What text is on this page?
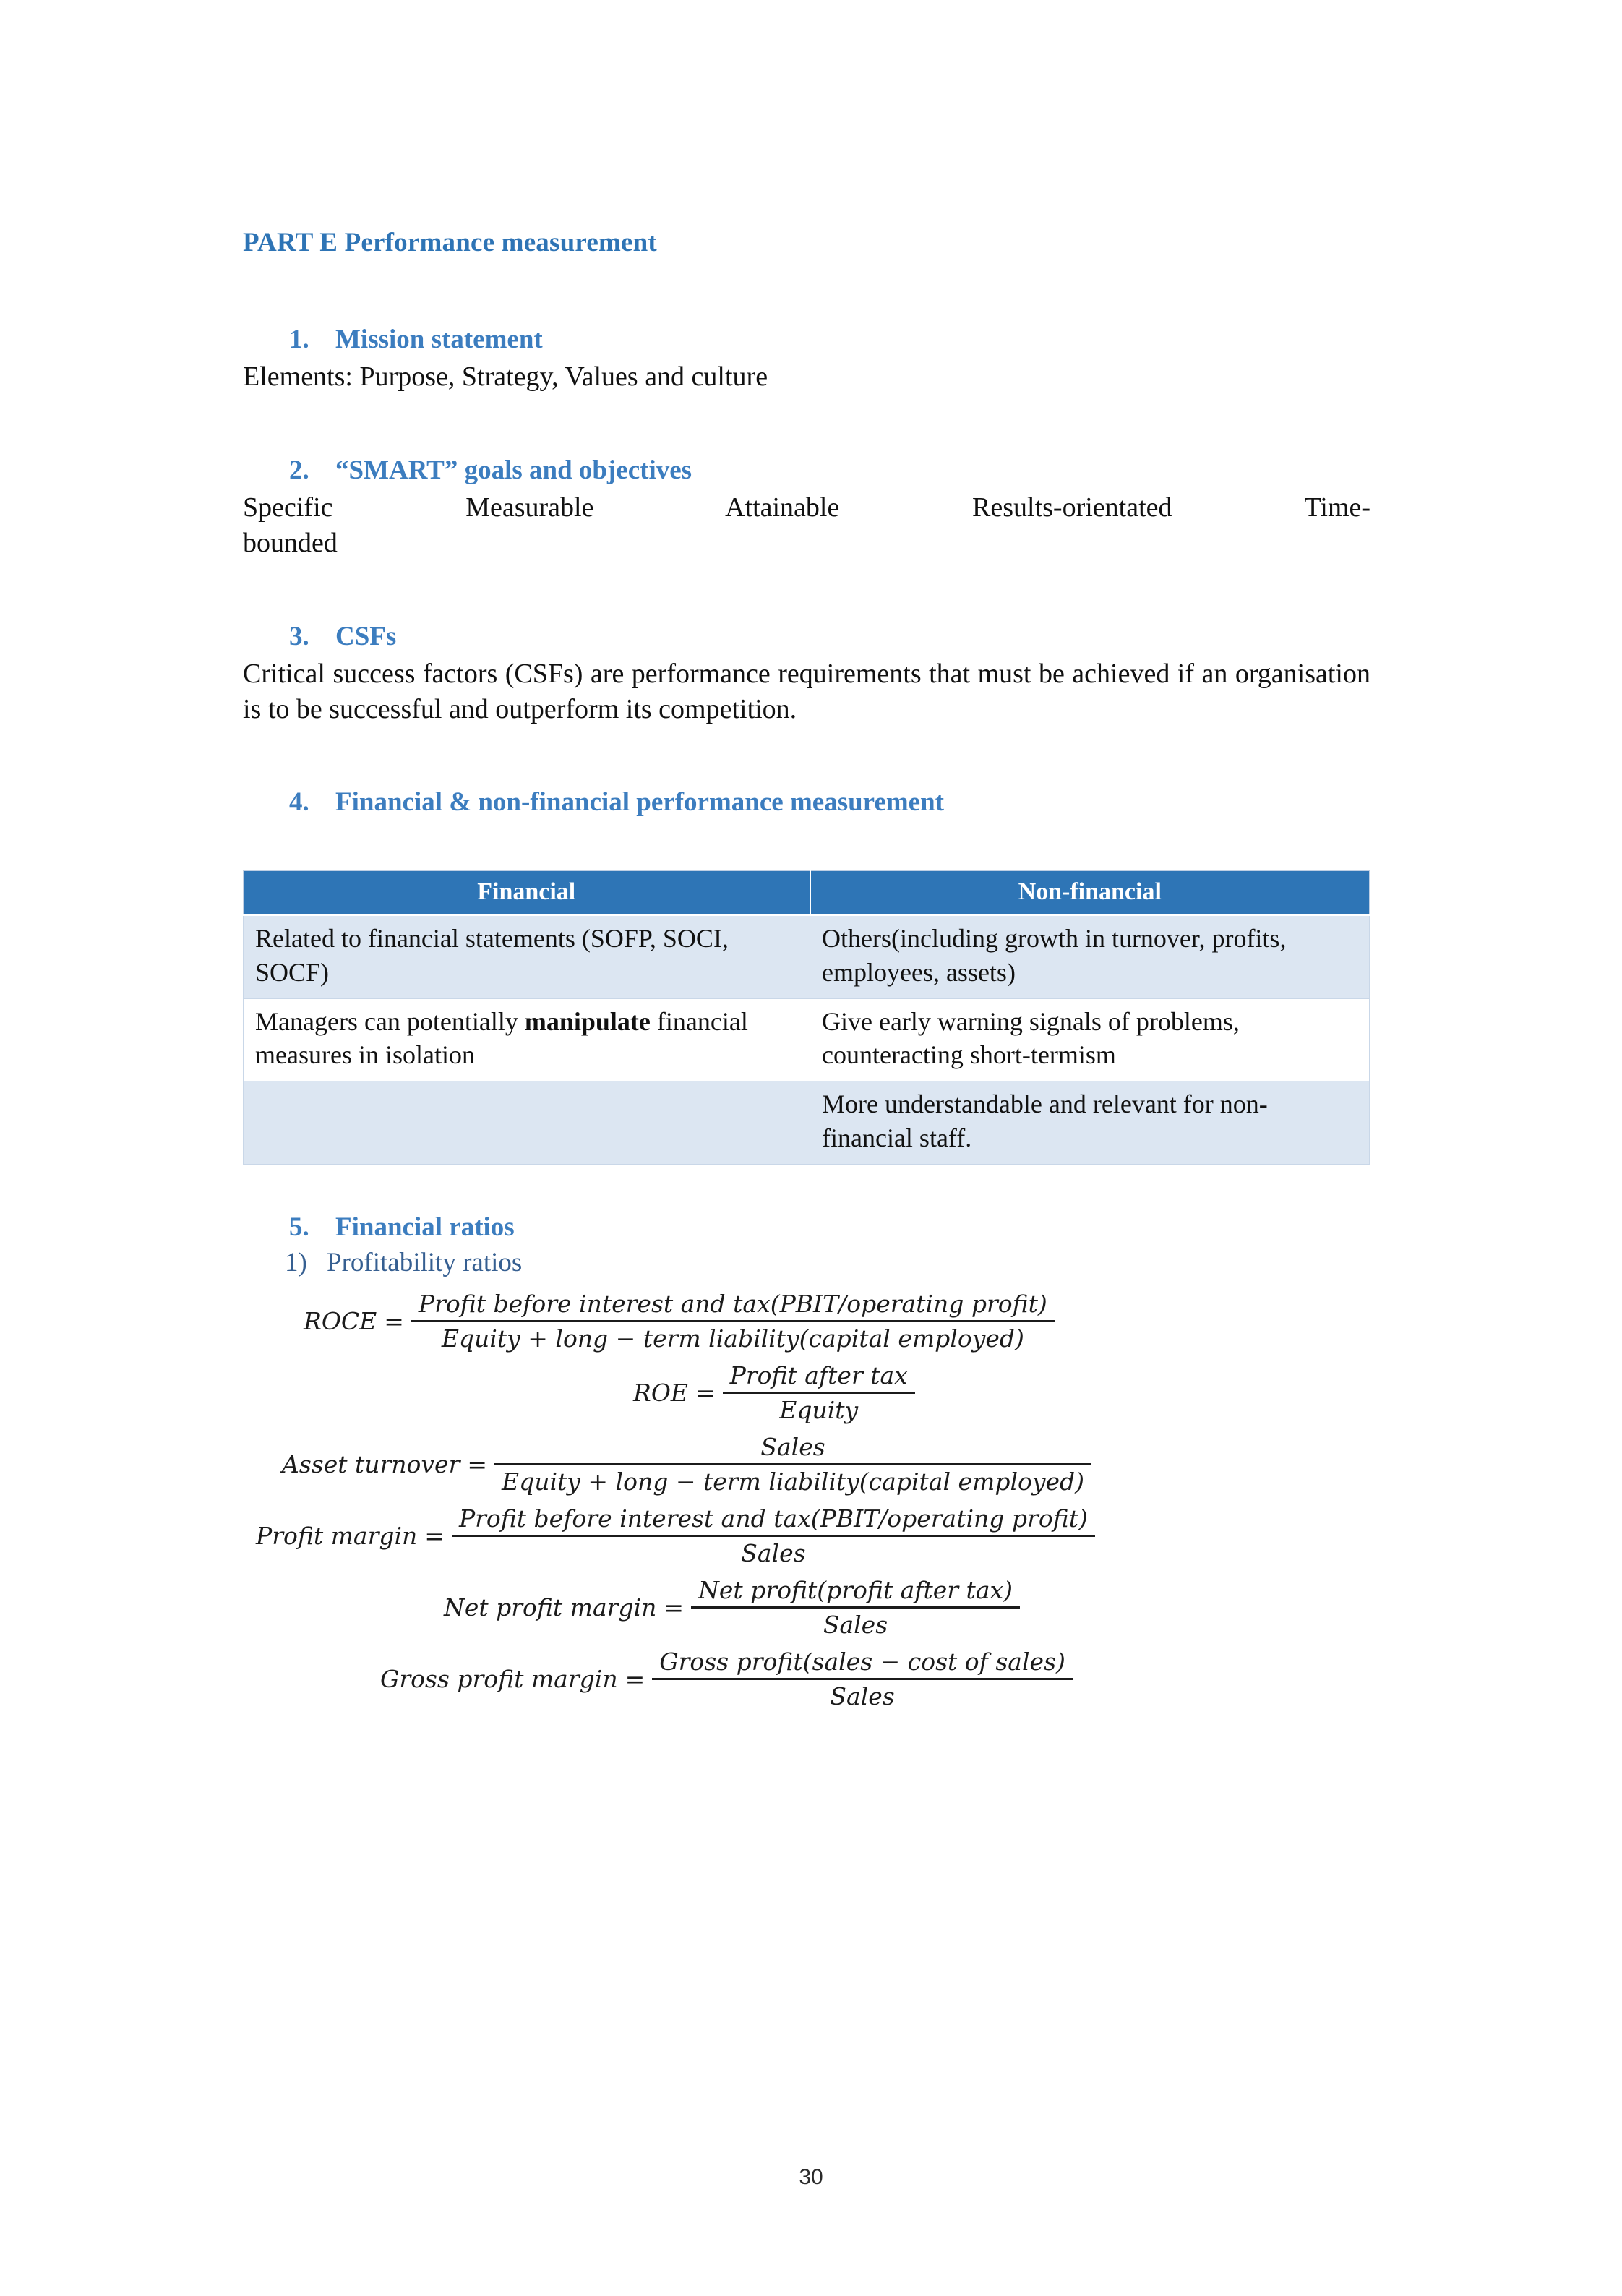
PART E Performance measurement
1. Mission statement

Elements: Purpose, Strategy, Values and culture

2. “SMART” goals and objectives

Specific	Measurable	Attainable	Results-orientated	Time-

bounded

3. CSFs

Critical success factors (CSFs) are performance requirements that must be achieved if an organisation is to be successful and outperform its competition.

4. Financial & non-financial performance measurement
Financial	Non-financial
Related to financial statements (SOFP, SOCI, SOCF)	Others(including growth in turnover, profits, employees, assets)
Managers can potentially manipulate financial measures in isolation	Give early warning signals of problems, counteracting short-termism
	More understandable and relevant for non-financial staff.
5. Financial ratios
1) Profitability ratios
ROCE = $\frac{\text{Profit before interest and tax(PBIT/operating profit)}}{\text{Equity + long − term liability(capital employed)}}$
ROE = $\frac{\text{Profit after tax}}{\text{Equity}}$
Asset turnover = $\frac{\text{Sales}}{\text{Equity + long − term liability(capital employed)}}$
Profit margin = $\frac{\text{Profit before interest and tax(PBIT/operating profit)}}{\text{Sales}}$
Net profit margin = $\frac{\text{Net profit(profit after tax)}}{\text{Sales}}$
Gross profit margin = $\frac{\text{Gross profit(sales − cost of sales)}}{\text{Sales}}$
30
